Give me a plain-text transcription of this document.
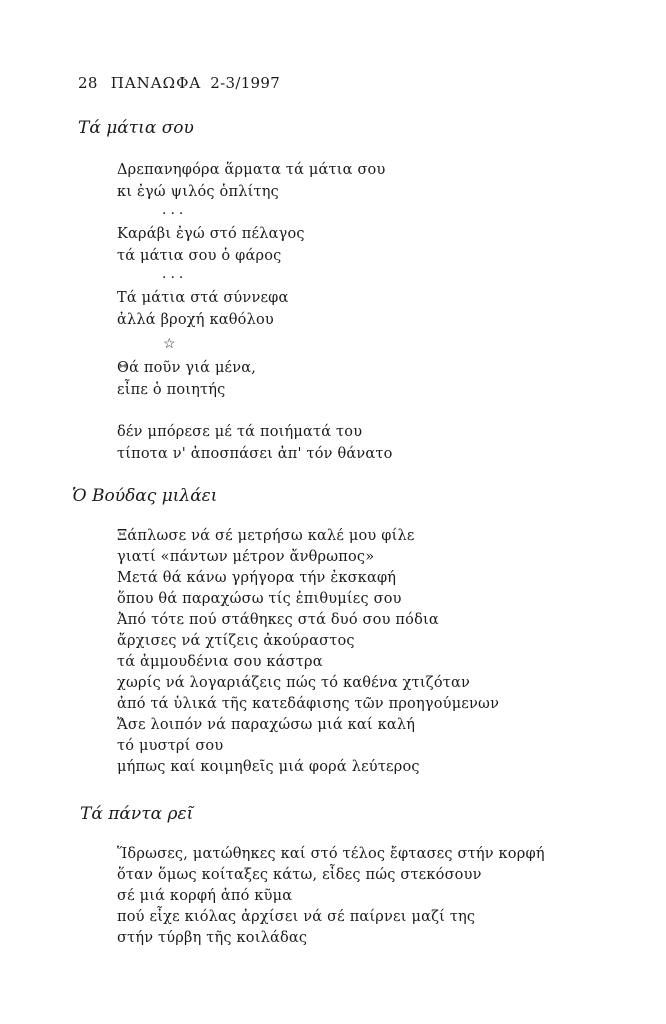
28 ΠΑΝΑΩΦΑ 2-3/1997
Τά μάτια σου
Δρεπανηφόρα ἅρματα τά μάτια σου
κι ἐγώ ψιλός ὁπλίτης
...
Καράβι ἐγώ στό πέλαγος
τά μάτια σου ὁ φάρος
...
Τά μάτια στά σύννεφα
ἀλλά βροχή καθόλου
☆
Θά ποῦν γιά μένα,
εἶπε ὁ ποιητής
δέν μπόρεσε μέ τά ποιήματά του
τίποτα ν' ἀποσπάσει ἀπ' τόν θάνατο
Ὁ Βούδας μιλάει
Ξάπλωσε νά σέ μετρήσω καλέ μου φίλε
γιατί «πάντων μέτρον ἄνθρωπος»
Μετά θά κάνω γρήγορα τήν ἐκσκαφή
ὅπου θά παραχώσω τίς ἐπιθυμίες σου
Ἀπό τότε πού στάθηκες στά δυό σου πόδια
ἄρχισες νά χτίζεις ἀκούραστος
τά ἀμμουδένια σου κάστρα
χωρίς νά λογαριάζεις πώς τό καθένα χτιζόταν
ἀπό τά ὑλικά τῆς κατεδάφισης τῶν προηγούμενων
Ἄσε λοιπόν νά παραχώσω μιά καί καλή
τό μυστρί σου
μήπως καί κοιμηθεῖς μιά φορά λεύτερος
Τά πάντα ρεῖ
Ἵδρωσες, ματώθηκες καί στό τέλος ἔφτασες στήν κορφή
ὅταν ὅμως κοίταξες κάτω, εἶδες πώς στεκόσουν
σέ μιά κορφή ἀπό κῦμα
πού εἶχε κιόλας ἀρχίσει νά σέ παίρνει μαζί της
στήν τύρβη τῆς κοιλάδας
